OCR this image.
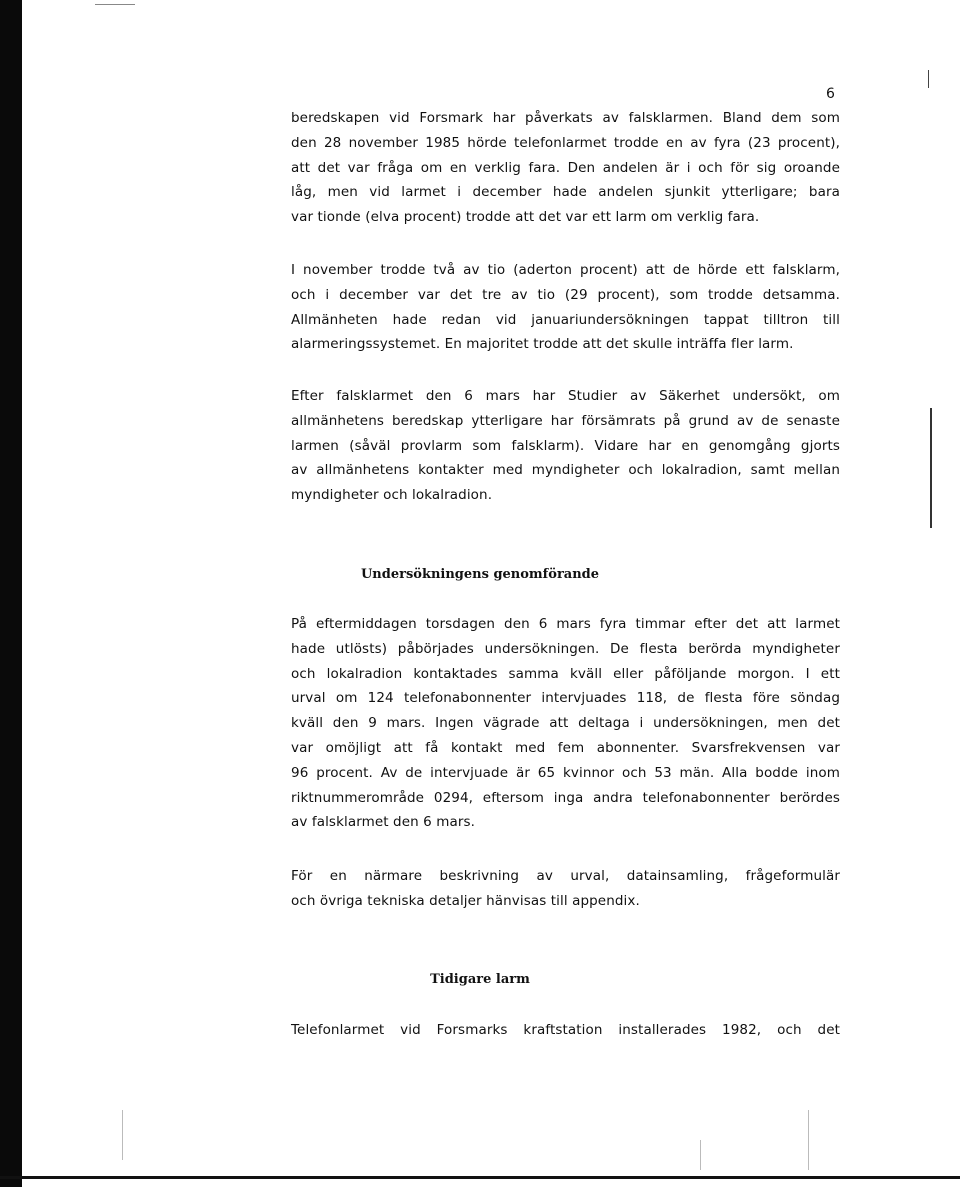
6
beredskapen vid Forsmark har påverkats av falsklarmen. Bland dem som
den 28 november 1985 hörde telefonlarmet trodde en av fyra (23 procent),
att det var fråga om en verklig fara. Den andelen är i och för sig oroande
låg, men vid larmet i december hade andelen sjunkit ytterligare; bara
var tionde (elva procent) trodde att det var ett larm om verklig fara.
I november trodde två av tio (aderton procent) att de hörde ett falsklarm,
och i december var det tre av tio (29 procent), som trodde detsamma.
Allmänheten hade redan vid januariundersökningen tappat tilltron till
alarmeringssystemet. En majoritet trodde att det skulle inträffa fler larm.
Efter falsklarmet den 6 mars har Studier av Säkerhet undersökt, om
allmänhetens beredskap ytterligare har försämrats på grund av de senaste
larmen (såväl provlarm som falsklarm). Vidare har en genomgång gjorts
av allmänhetens kontakter med myndigheter och lokalradion, samt mellan
myndigheter och lokalradion.
Undersökningens genomförande
På eftermiddagen torsdagen den 6 mars fyra timmar efter det att larmet
hade utlösts) påbörjades undersökningen. De flesta berörda myndigheter
och lokalradion kontaktades samma kväll eller påföljande morgon. I ett
urval om 124 telefonabonnenter intervjuades 118, de flesta före söndag
kväll den 9 mars. Ingen vägrade att deltaga i undersökningen, men det
var omöjligt att få kontakt med fem abonnenter. Svarsfrekvensen var
96 procent. Av de intervjuade är 65 kvinnor och 53 män. Alla bodde inom
riktnummerområde 0294, eftersom inga andra telefonabonnenter berördes
av falsklarmet den 6 mars.
För en närmare beskrivning av urval, datainsamling, frågeformulär
och övriga tekniska detaljer hänvisas till appendix.
Tidigare larm
Telefonlarmet vid Forsmarks kraftstation installerades 1982, och det
